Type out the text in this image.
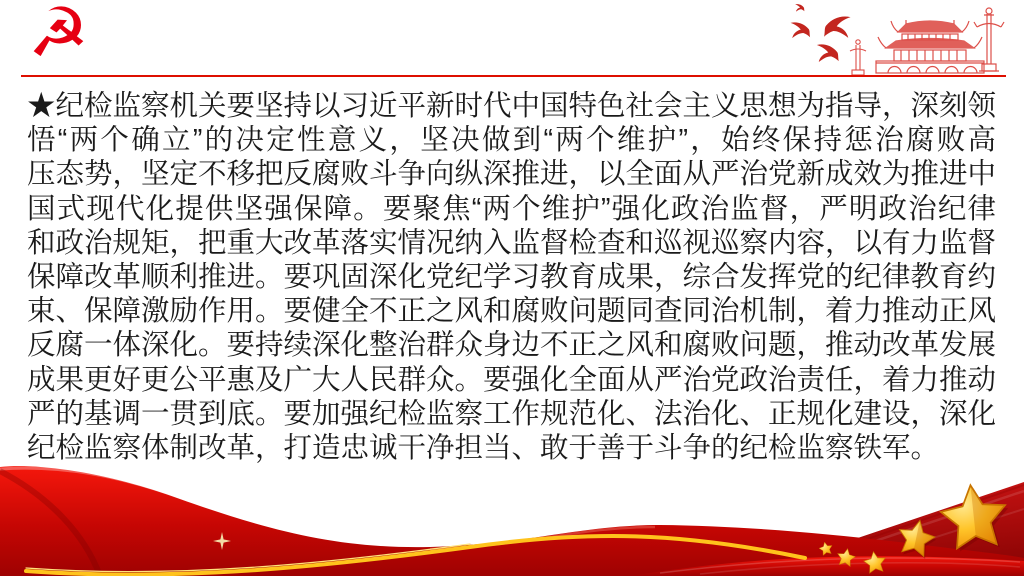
☭
★纪检监察机关要坚持以习近平新时代中国特色社会主义思想为指导，深刻领
悟“两个确立”的决定性意义，坚决做到“两个维护”，始终保持惩治腐败高
压态势，坚定不移把反腐败斗争向纵深推进，以全面从严治党新成效为推进中
国式现代化提供坚强保障。要聚焦“两个维护”强化政治监督，严明政治纪律
和政治规矩，把重大改革落实情况纳入监督检查和巡视巡察内容，以有力监督
保障改革顺利推进。要巩固深化党纪学习教育成果，综合发挥党的纪律教育约
束、保障激励作用。要健全不正之风和腐败问题同查同治机制，着力推动正风
反腐一体深化。要持续深化整治群众身边不正之风和腐败问题，推动改革发展
成果更好更公平惠及广大人民群众。要强化全面从严治党政治责任，着力推动
严的基调一贯到底。要加强纪检监察工作规范化、法治化、正规化建设，深化
纪检监察体制改革，打造忠诚干净担当、敢于善于斗争的纪检监察铁军。
